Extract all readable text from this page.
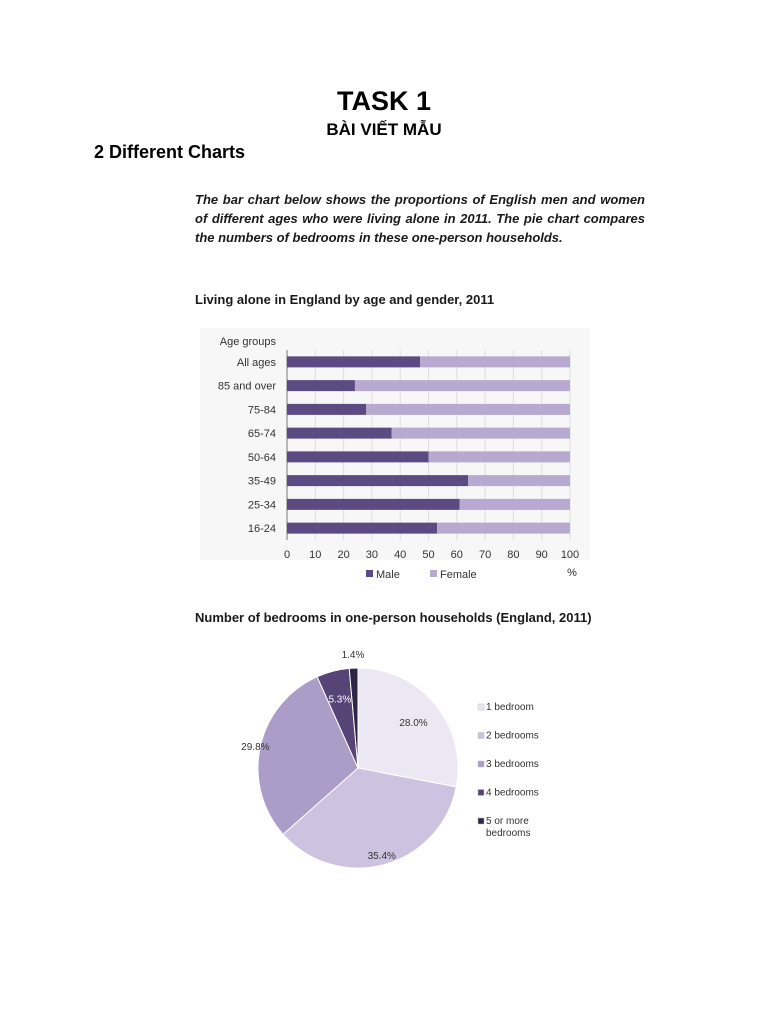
TASK 1
BÀI VIẾT MẪU
2 Different Charts
The bar chart below shows the proportions of English men and women of different ages who were living alone in 2011. The pie chart compares the numbers of bedrooms in these one-person households.
Living alone in England by age and gender, 2011
0 10 20 30 40 50 60 70 80 90 100
%
Age groups
All ages
85 and over
75-84
65-74
50-64
35-49
25-34
16-24
Male	Female
Number of bedrooms in one-person households (England, 2011)
28.0%
35.4%
29.8%
5.3%
1.4%
1 bedroom
2 bedrooms
3 bedrooms
4 bedrooms
5 or more bedrooms
